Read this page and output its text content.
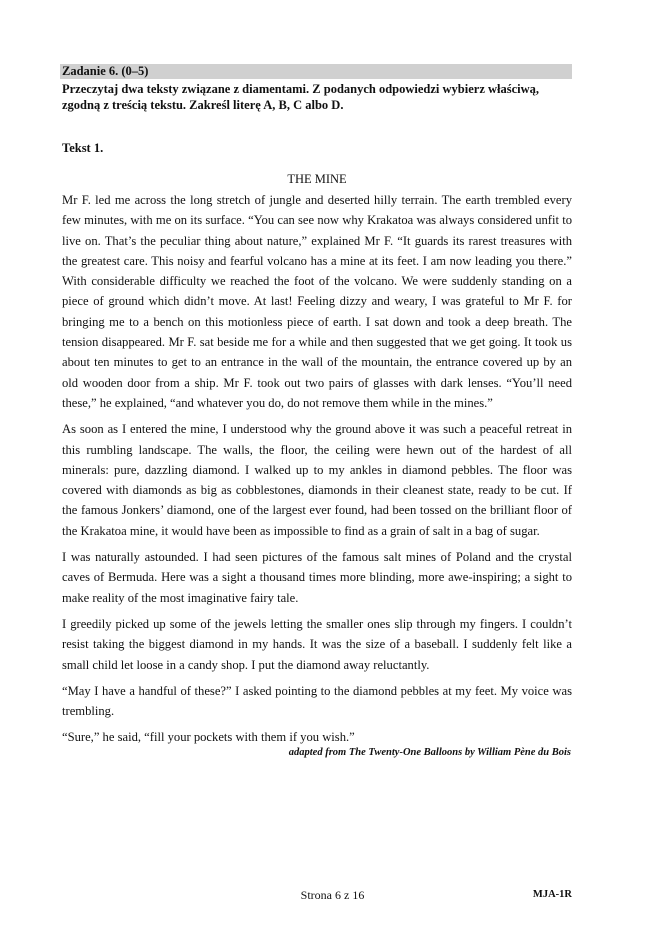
Zadanie 6. (0–5)
Przeczytaj dwa teksty związane z diamentami. Z podanych odpowiedzi wybierz właściwą, zgodną z treścią tekstu. Zakreśl literę A, B, C albo D.
Tekst 1.
THE MINE

Mr F. led me across the long stretch of jungle and deserted hilly terrain. The earth trembled every few minutes, with me on its surface. “You can see now why Krakatoa was always considered unfit to live on. That’s the peculiar thing about nature,” explained Mr F. “It guards its rarest treasures with the greatest care. This noisy and fearful volcano has a mine at its feet. I am now leading you there.” With considerable difficulty we reached the foot of the volcano. We were suddenly standing on a piece of ground which didn’t move. At last! Feeling dizzy and weary, I was grateful to Mr F. for bringing me to a bench on this motionless piece of earth. I sat down and took a deep breath. The tension disappeared. Mr F. sat beside me for a while and then suggested that we get going. It took us about ten minutes to get to an entrance in the wall of the mountain, the entrance covered up by an old wooden door from a ship. Mr F. took out two pairs of glasses with dark lenses. “You’ll need these,” he explained, “and whatever you do, do not remove them while in the mines.”

As soon as I entered the mine, I understood why the ground above it was such a peaceful retreat in this rumbling landscape. The walls, the floor, the ceiling were hewn out of the hardest of all minerals: pure, dazzling diamond. I walked up to my ankles in diamond pebbles. The floor was covered with diamonds as big as cobblestones, diamonds in their cleanest state, ready to be cut. If the famous Jonkers’ diamond, one of the largest ever found, had been tossed on the brilliant floor of the Krakatoa mine, it would have been as impossible to find as a grain of salt in a bag of sugar.

I was naturally astounded. I had seen pictures of the famous salt mines of Poland and the crystal caves of Bermuda. Here was a sight a thousand times more blinding, more awe-inspiring; a sight to make reality of the most imaginative fairy tale.

I greedily picked up some of the jewels letting the smaller ones slip through my fingers. I couldn’t resist taking the biggest diamond in my hands. It was the size of a baseball. I suddenly felt like a small child let loose in a candy shop. I put the diamond away reluctantly.

“May I have a handful of these?” I asked pointing to the diamond pebbles at my feet. My voice was trembling.

“Sure,” he said, “fill your pockets with them if you wish.”

adapted from The Twenty-One Balloons by William Pène du Bois
Strona 6 z 16	MJA-1R
